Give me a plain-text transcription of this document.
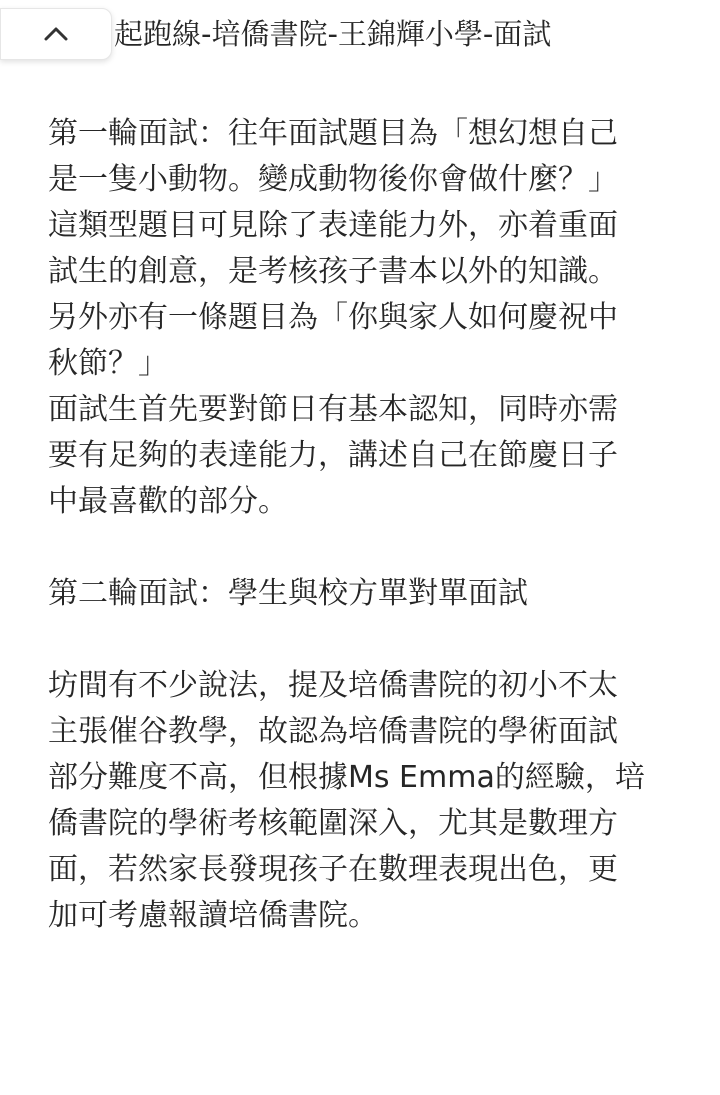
起跑線-培僑書院-王錦輝小學-面試

第一輪面試：往年面試題目為「想幻想自己

是一隻小動物。變成動物後你會做什麼？」

這類型題目可見除了表達能力外，亦着重面

試生的創意，是考核孩子書本以外的知識。

另外亦有一條題目為「你與家人如何慶祝中

秋節？」

面試生首先要對節日有基本認知，同時亦需

要有足夠的表達能力，講述自己在節慶日子

中最喜歡的部分。

第二輪面試：學生與校方單對單面試

坊間有不少說法，提及培僑書院的初小不太

主張催谷教學，故認為培僑書院的學術面試

部分難度不高，但根據Ms Emma的經驗，培

僑書院的學術考核範圍深入，尤其是數理方

面，若然家長發現孩子在數理表現出色，更

加可考慮報讀培僑書院。
